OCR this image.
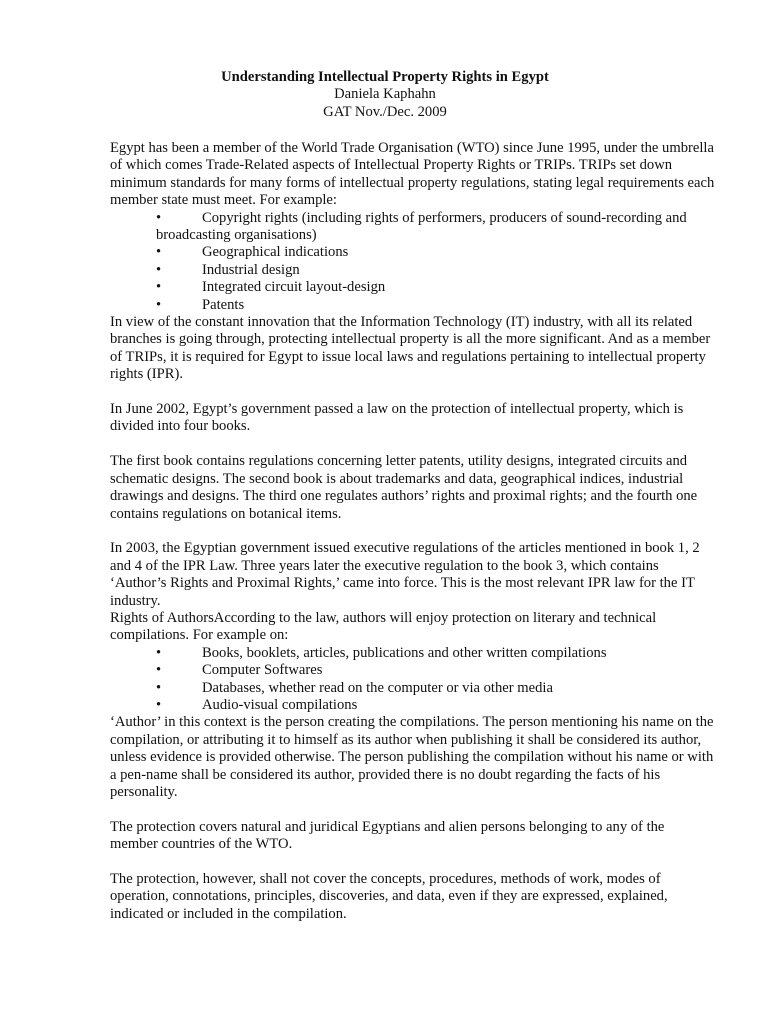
Understanding Intellectual Property Rights in Egypt
Daniela Kaphahn
GAT Nov./Dec. 2009

Egypt has been a member of the World Trade Organisation (WTO) since June 1995, under the umbrella of which comes Trade-Related aspects of Intellectual Property Rights or TRIPs. TRIPs set down minimum standards for many forms of intellectual property regulations, stating legal requirements each member state must meet. For example:

•	Copyright rights (including rights of performers, producers of sound-recording and broadcasting organisations)
•	Geographical indications
•	Industrial design
•	Integrated circuit layout-design
•	Patents

In view of the constant innovation that the Information Technology (IT) industry, with all its related branches is going through, protecting intellectual property is all the more significant. And as a member of TRIPs, it is required for Egypt to issue local laws and regulations pertaining to intellectual property rights (IPR).

In June 2002, Egypt’s government passed a law on the protection of intellectual property, which is divided into four books.

The first book contains regulations concerning letter patents, utility designs, integrated circuits and schematic designs. The second book is about trademarks and data, geographical indices, industrial drawings and designs. The third one regulates authors’ rights and proximal rights; and the fourth one contains regulations on botanical items.

In 2003, the Egyptian government issued executive regulations of the articles mentioned in book 1, 2 and 4 of the IPR Law. Three years later the executive regulation to the book 3, which contains ‘Author’s Rights and Proximal Rights,’ came into force. This is the most relevant IPR law for the IT industry.

Rights of AuthorsAccording to the law, authors will enjoy protection on literary and technical compilations. For example on:

•	Books, booklets, articles, publications and other written compilations
•	Computer Softwares
•	Databases, whether read on the computer or via other media
•	Audio-visual compilations

‘Author’ in this context is the person creating the compilations. The person mentioning his name on the compilation, or attributing it to himself as its author when publishing it shall be considered its author, unless evidence is provided otherwise. The person publishing the compilation without his name or with a pen-name shall be considered its author, provided there is no doubt regarding the facts of his personality.

The protection covers natural and juridical Egyptians and alien persons belonging to any of the member countries of the WTO.

The protection, however, shall not cover the concepts, procedures, methods of work, modes of operation, connotations, principles, discoveries, and data, even if they are expressed, explained, indicated or included in the compilation.
